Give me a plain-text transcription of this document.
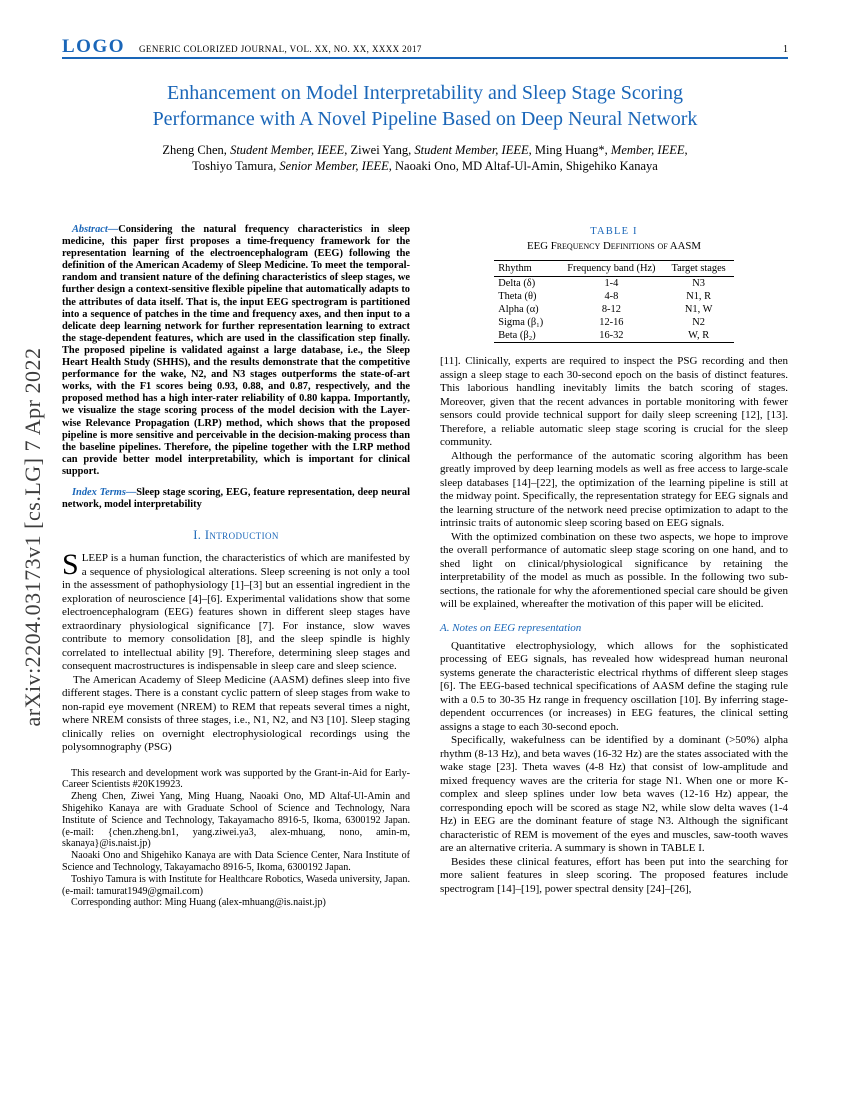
arXiv:2204.03173v1 [cs.LG] 7 Apr 2022
LOGO GENERIC COLORIZED JOURNAL, VOL. XX, NO. XX, XXXX 2017	1
Enhancement on Model Interpretability and Sleep Stage Scoring
Performance with A Novel Pipeline Based on Deep Neural Network
Zheng Chen, Student Member, IEEE, Ziwei Yang, Student Member, IEEE, Ming Huang*, Member, IEEE,
Toshiyo Tamura, Senior Member, IEEE, Naoaki Ono, MD Altaf-Ul-Amin, Shigehiko Kanaya

Abstract—Considering the natural frequency characteristics in sleep medicine, this paper first proposes a time-frequency framework for the representation learning of the electroencephalogram (EEG) following the definition of the American Academy of Sleep Medicine. To meet the temporal-random and transient nature of the defining characteristics of sleep stages, we further design a context-sensitive flexible pipeline that automatically adapts to the attributes of data itself. That is, the input EEG spectrogram is partitioned into a sequence of patches in the time and frequency axes, and then input to a delicate deep learning network for further representation learning to extract the stage-dependent features, which are used in the classification step finally. The proposed pipeline is validated against a large database, i.e., the Sleep Heart Health Study (SHHS), and the results demonstrate that the competitive performance for the wake, N2, and N3 stages outperforms the state-of-art works, with the F1 scores being 0.93, 0.88, and 0.87, respectively, and the proposed method has a high inter-rater reliability of 0.80 kappa. Importantly, we visualize the stage scoring process of the model decision with the Layer-wise Relevance Propagation (LRP) method, which shows that the proposed pipeline is more sensitive and perceivable in the decision-making process than the baseline pipelines. Therefore, the pipeline together with the LRP method can provide better model interpretability, which is important for clinical support.

Index Terms—Sleep stage scoring, EEG, feature representation, deep neural network, model interpretability

I. Introduction

SLEEP is a human function, the characteristics of which are manifested by a sequence of physiological alterations. Sleep screening is not only a tool in the assessment of pathophysiology [1]–[3] but an essential ingredient in the exploration of neuroscience [4]–[6]. Experimental validations show that some electroencephalogram (EEG) features shown in different sleep stages have extraordinary physiological significance [7]. For instance, slow waves contribute to memory consolidation [8], and the sleep spindle is highly correlated to intellectual ability [9]. Therefore, determining sleep stages and consequent macrostructures is indispensable in sleep care and sleep science.

The American Academy of Sleep Medicine (AASM) defines sleep into five different stages. There is a constant cyclic pattern of sleep stages from wake to non-rapid eye movement (NREM) to REM that repeats several times a night, where NREM consists of three stages, i.e., N1, N2, and N3 [10]. Sleep staging clinically relies on overnight electrophysiological recordings using the polysomnography (PSG)

This research and development work was supported by the Grant-in-Aid for Early-Career Scientists #20K19923.

Zheng Chen, Ziwei Yang, Ming Huang, Naoaki Ono, MD Altaf-Ul-Amin and Shigehiko Kanaya are with Graduate School of Science and Technology, Nara Institute of Science and Technology, Takayamacho 8916-5, Ikoma, 6300192 Japan. (e-mail: {chen.zheng.bn1, yang.ziwei.ya3, alex-mhuang, nono, amin-m, skanaya}@is.naist.jp)

Naoaki Ono and Shigehiko Kanaya are with Data Science Center, Nara Institute of Science and Technology, Takayamacho 8916-5, Ikoma, 6300192 Japan.

Toshiyo Tamura is with Institute for Healthcare Robotics, Waseda university, Japan. (e-mail: tamurat1949@gmail.com)

Corresponding author: Ming Huang (alex-mhuang@is.naist.jp)

TABLE I
EEG Frequency Definitions of AASM
Rhythm	Frequency band (Hz)	Target stages
Delta (δ)	1-4	N3
Theta (θ)	4-8	N1, R
Alpha (α)	8-12	N1, W
Sigma (β₁)	12-16	N2
Beta (β₂)	16-32	W, R

[11]. Clinically, experts are required to inspect the PSG recording and then assign a sleep stage to each 30-second epoch on the basis of distinct features. This laborious handling inevitably limits the batch scoring of stages. Moreover, given that the recent advances in portable monitoring with fewer sensors could provide technical support for daily sleep screening [12], [13]. Therefore, a reliable automatic sleep stage scoring is crucial for the sleep community.

Although the performance of the automatic scoring algorithm has been greatly improved by deep learning models as well as free access to large-scale sleep databases [14]–[22], the optimization of the learning pipeline is still at the midway point. Specifically, the representation strategy for EEG signals and the learning structure of the network need precise optimization to adapt to the intrinsic traits of autonomic sleep scoring based on EEG signals.

With the optimized combination on these two aspects, we hope to improve the overall performance of automatic sleep stage scoring on one hand, and to shed light on clinical/physiological significance by retaining the interpretability of the model as much as possible. In the following two sub-sections, the rationale for why the aforementioned special care should be given will be explained, whereafter the motivation of this paper will be elicited.

A. Notes on EEG representation

Quantitative electrophysiology, which allows for the sophisticated processing of EEG signals, has revealed how widespread human neuronal systems generate the characteristic electrical rhythms of different sleep stages [6]. The EEG-based technical specifications of AASM define the staging rule with a 0.5 to 30-35 Hz range in frequency oscillation [10]. By inferring stage-dependent occurrences (or increases) in EEG features, the clinical setting assigns a stage to each 30-second epoch.

Specifically, wakefulness can be identified by a dominant (>50%) alpha rhythm (8-13 Hz), and beta waves (16-32 Hz) are the states associated with the wake stage [23]. Theta waves (4-8 Hz) that consist of low-amplitude and mixed frequency waves are the criteria for stage N1. When one or more K-complex and sleep splines under low beta waves (12-16 Hz) appear, the corresponding epoch will be scored as stage N2, while slow delta waves (1-4 Hz) in EEG are the dominant feature of stage N3. Although the significant characteristic of REM is movement of the eyes and muscles, saw-tooth waves are an alternative criteria. A summary is shown in TABLE I.

Besides these clinical features, effort has been put into the searching for more salient features in sleep scoring. The proposed features include spectrogram [14]–[19], power spectral density [24]–[26],
